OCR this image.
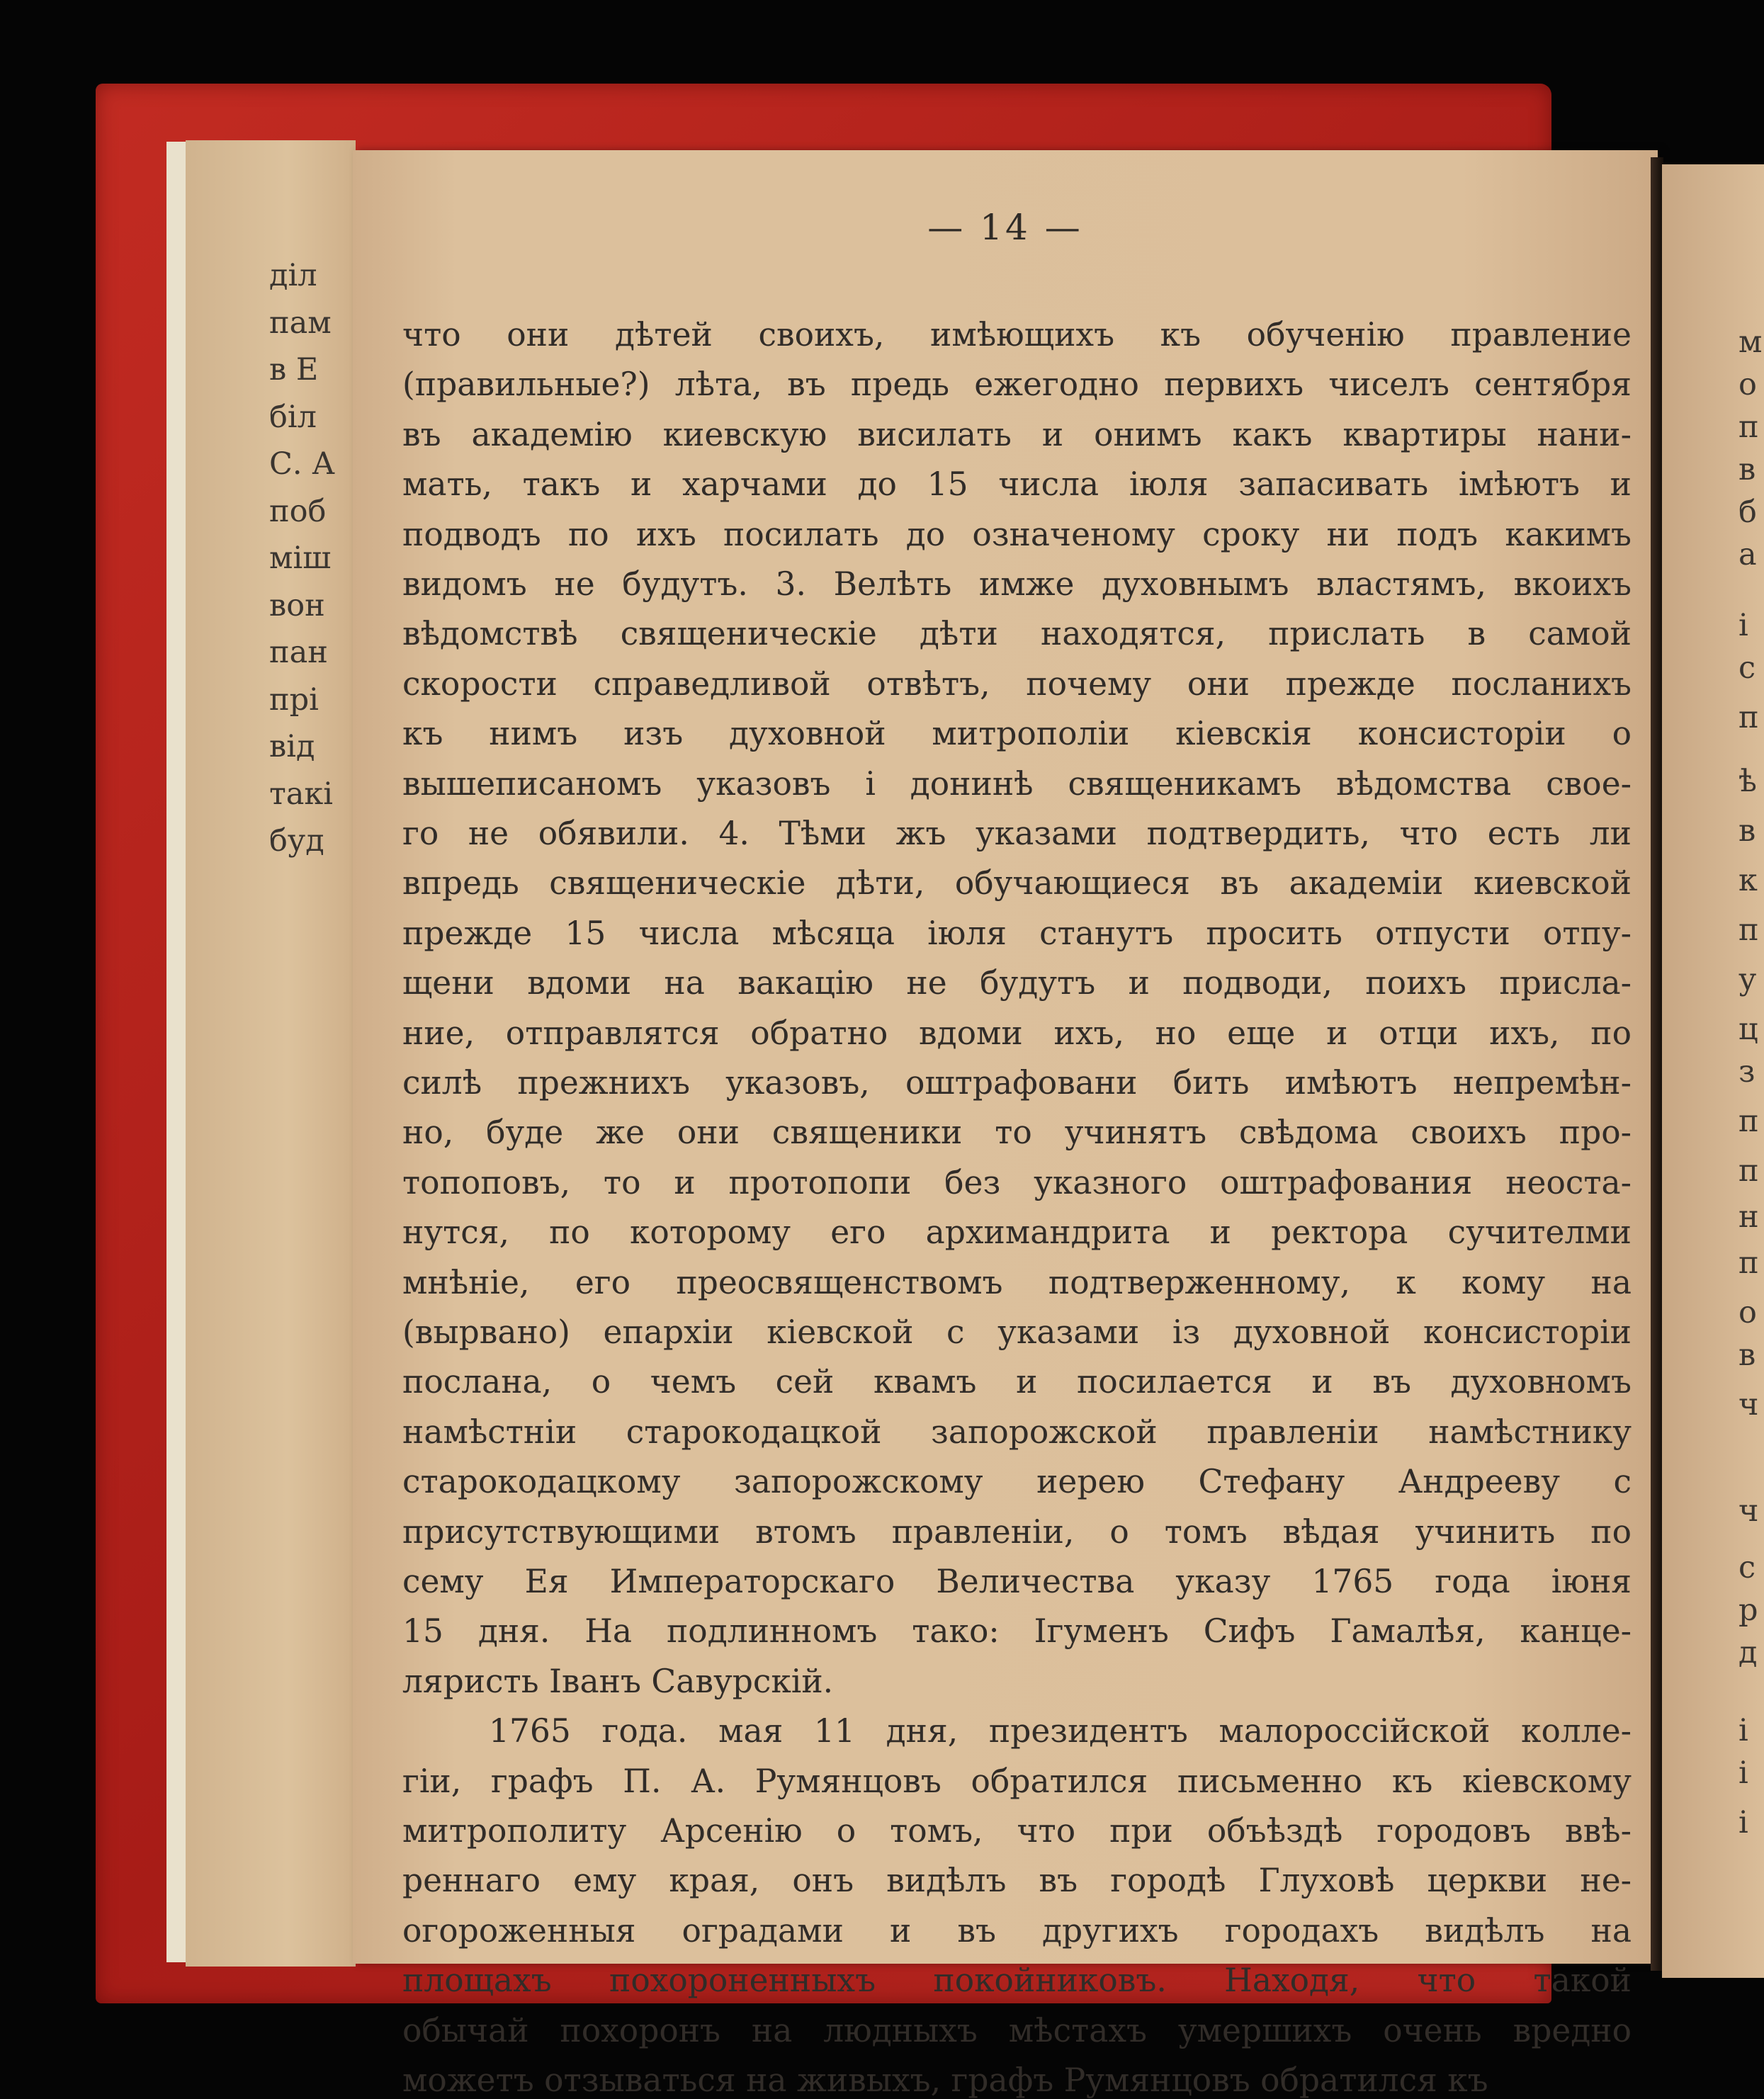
діл
пам
в Е
біл
С. А
поб
міш
вон
пан
прі
від
такі
буд
— 14 —
что они дѣтей своихъ, имѣющихъ къ обученію правление
(правильные?) лѣта, въ предь ежегодно первихъ чиселъ сентября
въ академію киевскую висилать и онимъ какъ квартиры нани-
мать, такъ и харчами до 15 числа іюля запасивать імѣютъ и
подводъ по ихъ посилать до означеному сроку ни подъ какимъ
видомъ не будутъ. 3. Велѣть имже духовнымъ властямъ, вкоихъ
вѣдомствѣ священическіе дѣти находятся, прислать в самой
скорости справедливой отвѣтъ, почему они прежде посланихъ
къ нимъ изъ духовной митрополіи кіевскія консисторіи о
вышеписаномъ указовъ і донинѣ священикамъ вѣдомства свое-
го не обявили. 4. Тѣми жъ указами подтвердить, что есть ли
впредь священическіе дѣти, обучающиеся въ академіи киевской
прежде 15 числа мѣсяца іюля станутъ просить отпусти отпу-
щени вдоми на вакацію не будутъ и подводи, поихъ присла-
ние, отправлятся обратно вдоми ихъ, но еще и отци ихъ, по
силѣ прежнихъ указовъ, оштрафовани бить имѣютъ непремѣн-
но, буде же они священики то учинятъ свѣдома своихъ про-
топоповъ, то и протопопи без указного оштрафования неоста-
нутся, по которому его архимандрита и ректора сучителми
мнѣніе, его преосвященствомъ подтверженному, к кому на
(вырвано) епархіи кіевской с указами із духовной консисторіи
послана, о чемъ сей квамъ и посилается и въ духовномъ
намѣстніи старокодацкой запорожской правленіи намѣстнику
старокодацкому запорожскому иерею Стефану Андрееву с
присутствующими втомъ правленіи, о томъ вѣдая учинить по
сему Ея Императорскаго Величества указу 1765 года іюня
15 дня. На подлинномъ тако: Ігуменъ Сифъ Гамалѣя, канце-
ляристь Іванъ Савурскій.
1765 года. мая 11 дня, президентъ малороссійской колле-
гіи, графъ П. А. Румянцовъ обратился письменно къ кіевскому
митрополиту Арсенію о томъ, что при объѣздѣ городовъ ввѣ-
реннаго ему края, онъ видѣлъ въ городѣ Глуховѣ церкви не-
огороженныя оградами и въ другихъ городахъ видѣлъ на
площахъ похороненныхъ покойниковъ. Находя, что такой
обычай похоронъ на людныхъ мѣстахъ умершихъ очень вредно
можетъ отзываться на живыхъ, графъ Румянцовъ обратился къ
м
о
п
в
б
а
і
с
п
ѣ
в
к
п
у
ц
з
п
п
н
п
о
в
ч
ч
с
р
д
і
і
і
